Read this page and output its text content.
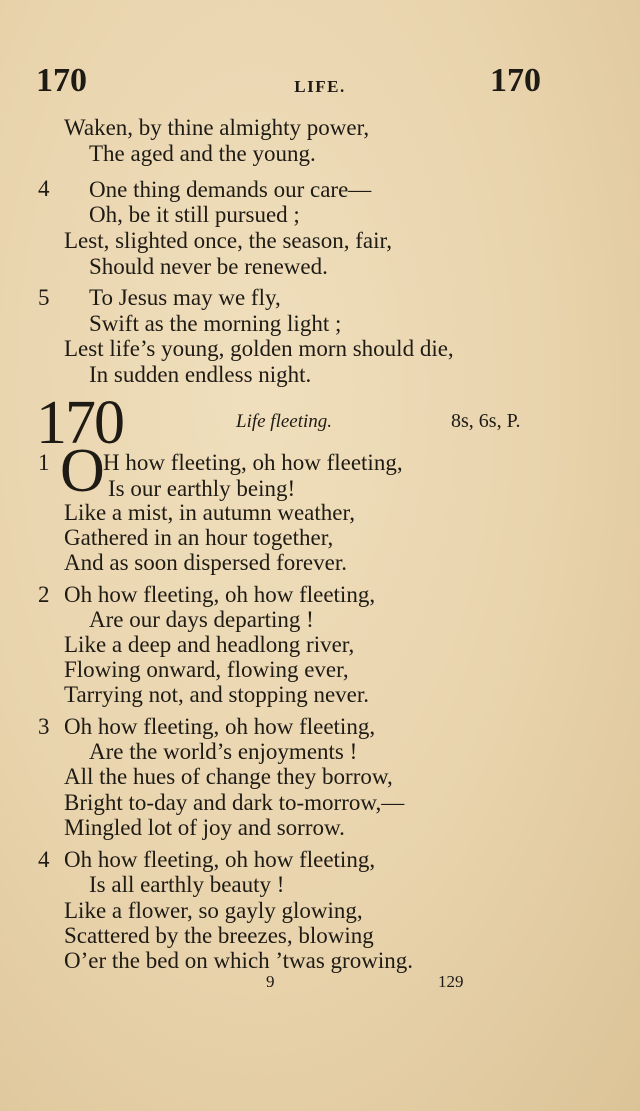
170	LIFE.	170
Waken, by thine almighty power,
The aged and the young.
4 One thing demands our care—
Oh, be it still pursued ;
Lest, slighted once, the season, fair,
Should never be renewed.
5 To Jesus may we fly,
Swift as the morning light ;
Lest life’s young, golden morn should die,
In sudden endless night.
170	Life fleeting.	8s, 6s, P.
1 O
H how fleeting, oh how fleeting,
Is our earthly being!
Like a mist, in autumn weather,
Gathered in an hour together,
And as soon dispersed forever.
2 Oh how fleeting, oh how fleeting,
Are our days departing !
Like a deep and headlong river,
Flowing onward, flowing ever,
Tarrying not, and stopping never.
3 Oh how fleeting, oh how fleeting,
Are the world’s enjoyments !
All the hues of change they borrow,
Bright to-day and dark to-morrow,—
Mingled lot of joy and sorrow.
4 Oh how fleeting, oh how fleeting,
Is all earthly beauty !
Like a flower, so gayly glowing,
Scattered by the breezes, blowing
O’er the bed on which ’twas growing.
9	129
